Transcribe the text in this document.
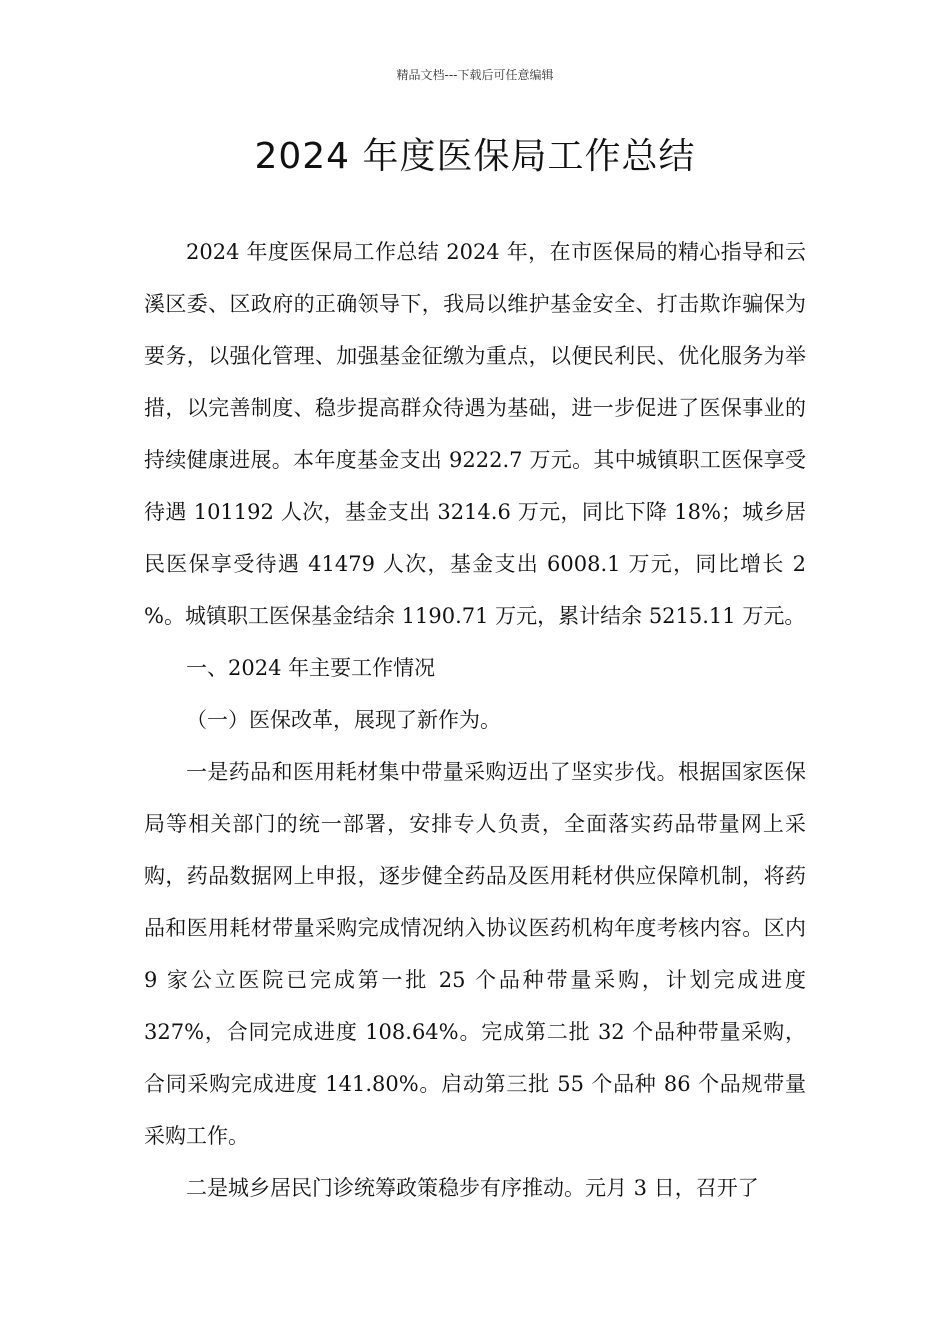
精品文档---下载后可任意编辑
2024 年度医保局工作总结

2024 年度医保局工作总结 2024 年，在市医保局的精心指导和云溪区委、区政府的正确领导下，我局以维护基金安全、打击欺诈骗保为要务，以强化管理、加强基金征缴为重点，以便民利民、优化服务为举措，以完善制度、稳步提高群众待遇为基础，进一步促进了医保事业的持续健康进展。本年度基金支出 9222.7 万元。其中城镇职工医保享受待遇 101192 人次，基金支出 3214.6 万元，同比下降 18%；城乡居民医保享受待遇 41479 人次，基金支出 6008.1 万元，同比增长 2 %。城镇职工医保基金结余 1190.71 万元，累计结余 5215.11 万元。

一、2024 年主要工作情况

（一）医保改革，展现了新作为。

一是药品和医用耗材集中带量采购迈出了坚实步伐。根据国家医保局等相关部门的统一部署，安排专人负责，全面落实药品带量网上采购，药品数据网上申报，逐步健全药品及医用耗材供应保障机制，将药品和医用耗材带量采购完成情况纳入协议医药机构年度考核内容。区内 9 家公立医院已完成第一批 25 个品种带量采购，计划完成进度 327%，合同完成进度 108.64%。完成第二批 32 个品种带量采购，合同采购完成进度 141.80%。启动第三批 55 个品种 86 个品规带量采购工作。

二是城乡居民门诊统筹政策稳步有序推动。元月 3 日，召开了
